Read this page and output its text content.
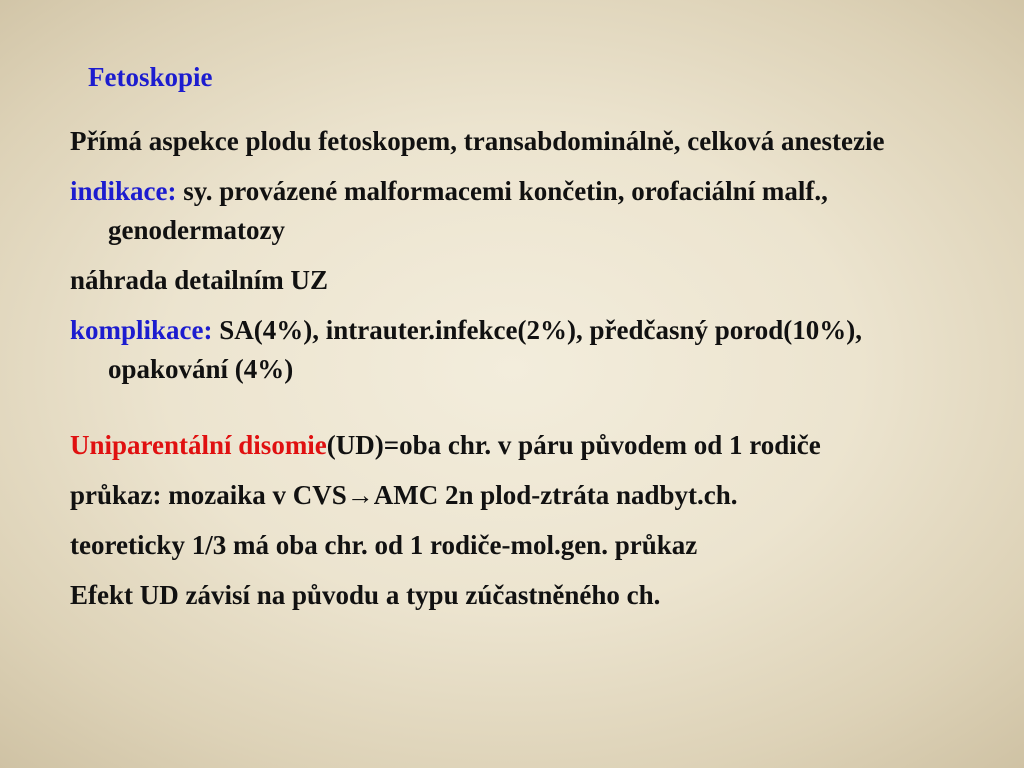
Fetoskopie
Přímá aspekce plodu fetoskopem, transabdominálně, celková anestezie
indikace: sy. provázené malformacemi končetin, orofaciální malf., genodermatozy
náhrada detailním UZ
komplikace: SA(4%), intrauter.infekce(2%), předčasný porod(10%), opakování (4%)
Uniparentální disomie(UD)=oba chr. v páru původem od 1 rodiče
průkaz: mozaika v CVS→AMC 2n plod-ztráta nadbyt.ch.
teoreticky 1/3 má oba chr. od 1 rodiče-mol.gen. průkaz
Efekt UD závisí na původu a typu zúčastněného ch.
